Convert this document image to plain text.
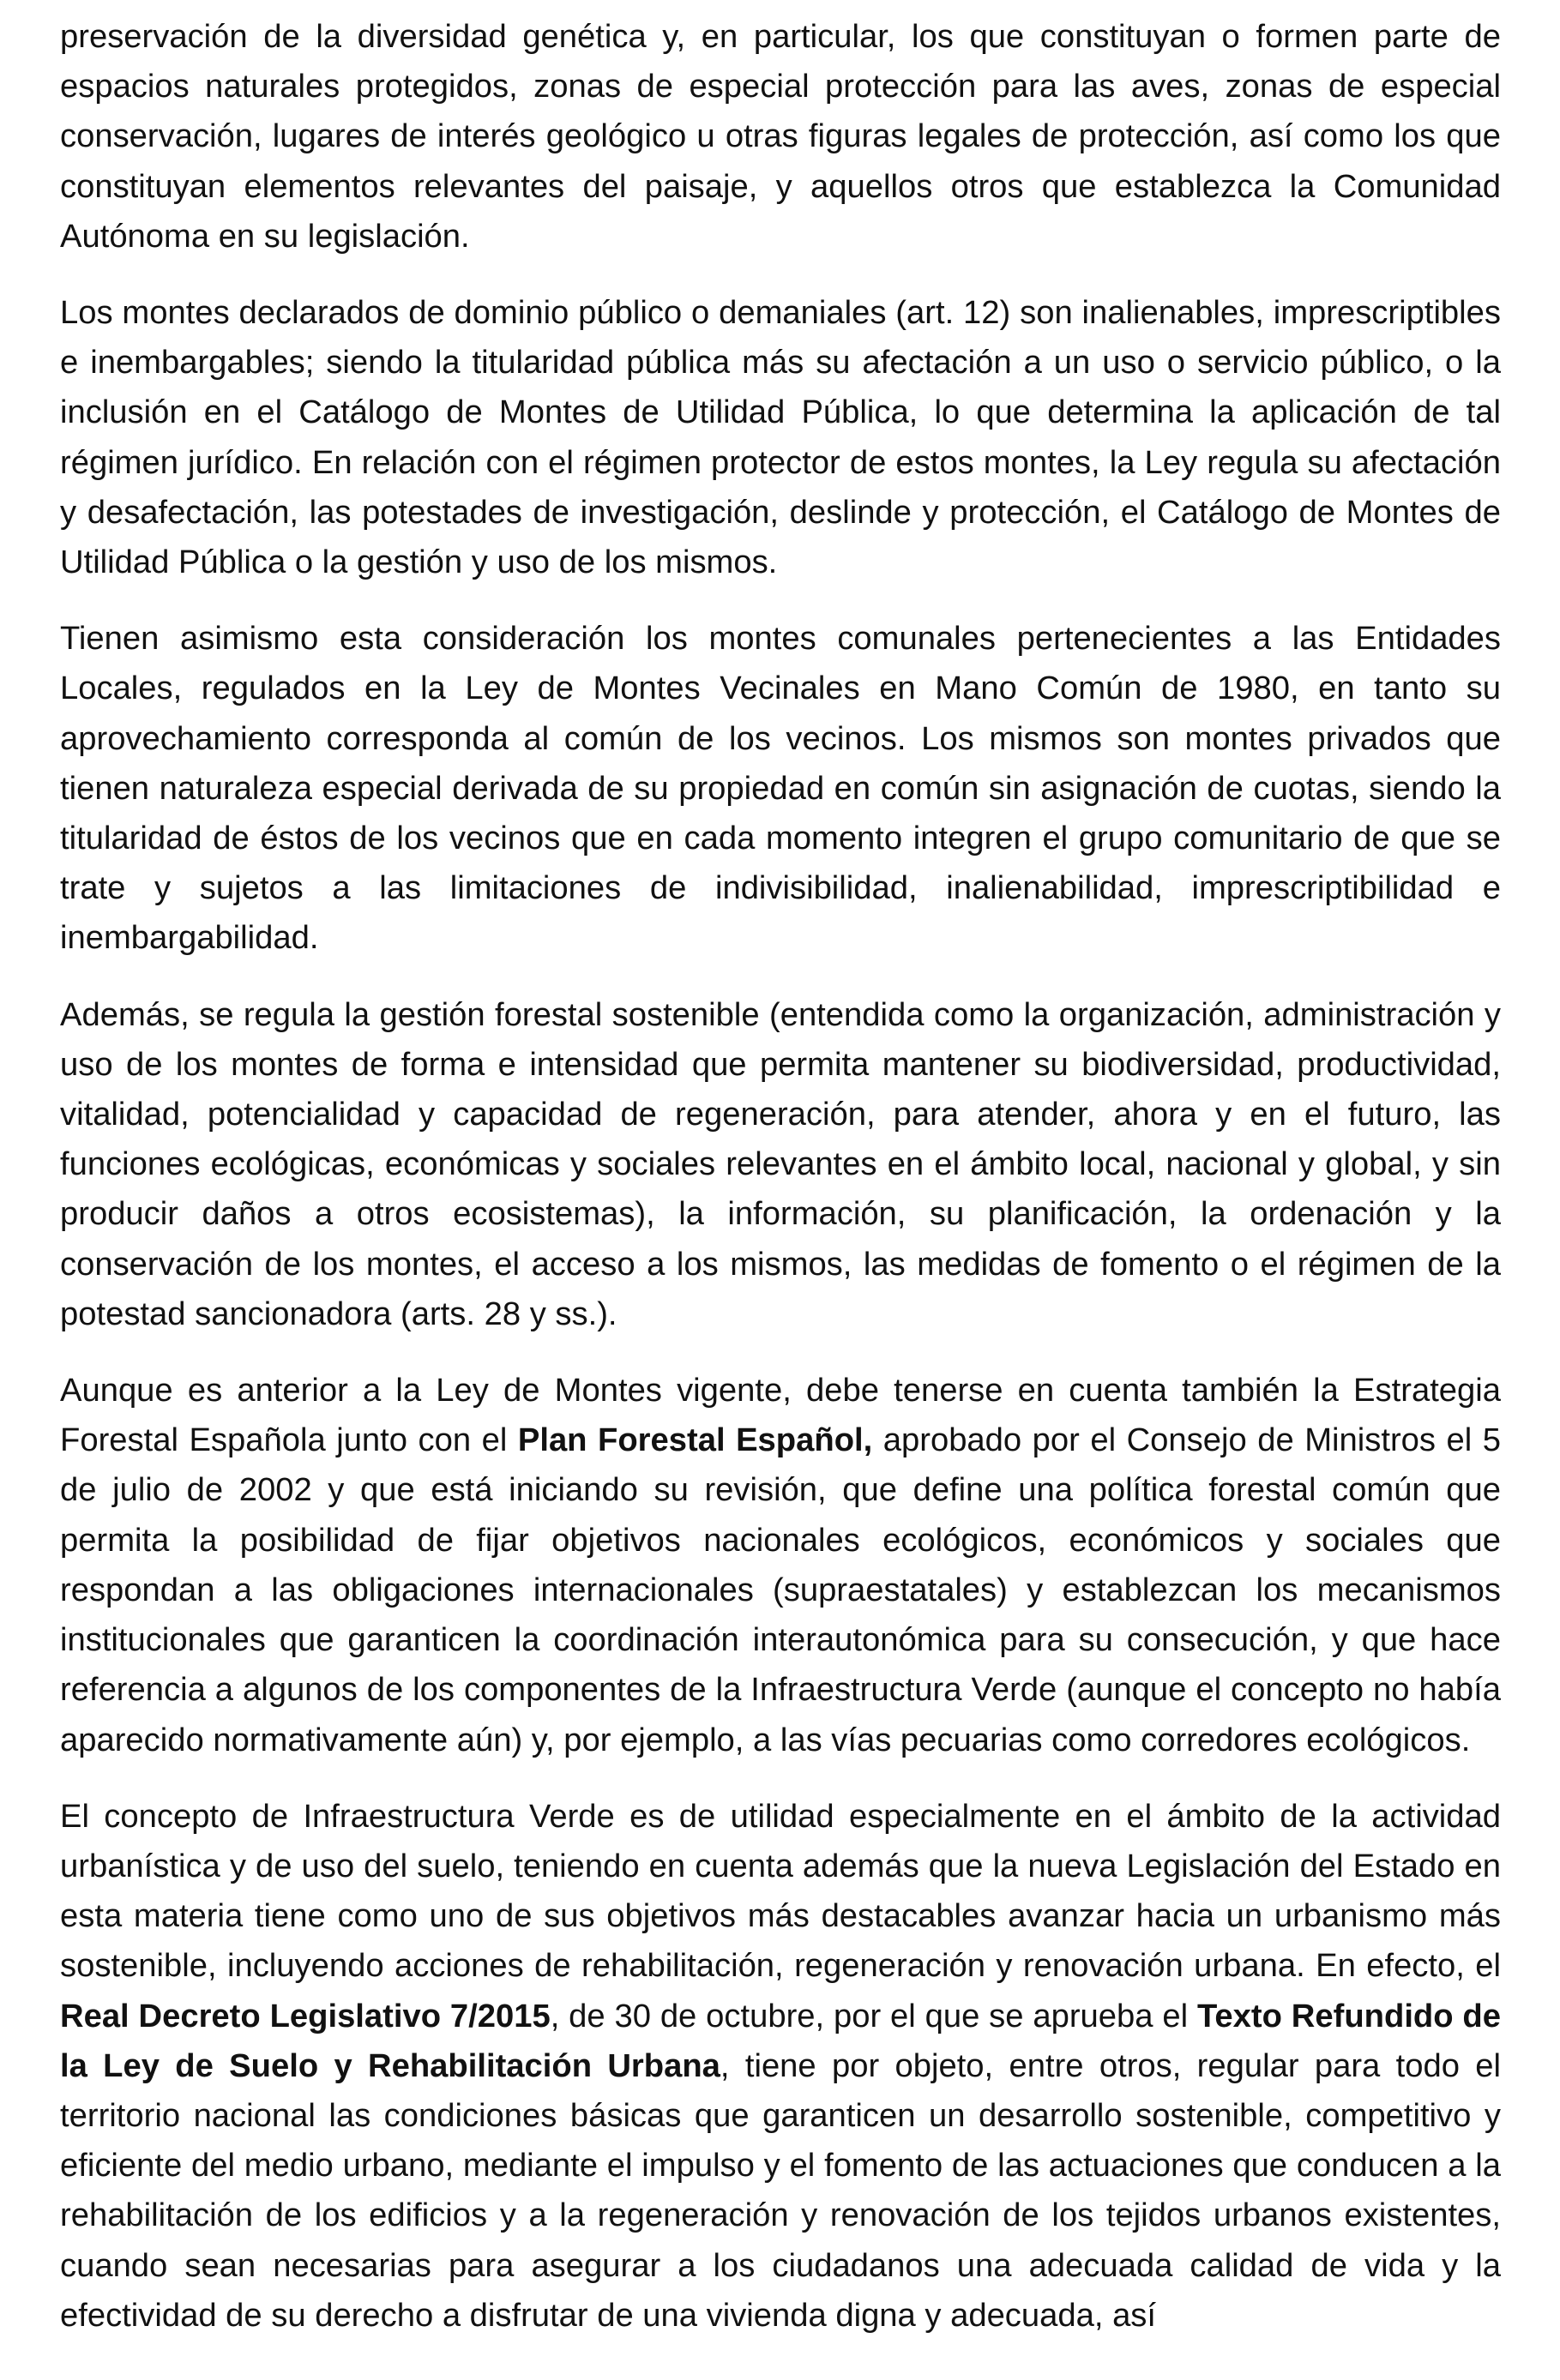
preservación de la diversidad genética y, en particular, los que constituyan o formen parte de espacios naturales protegidos, zonas de especial protección para las aves, zonas de especial conservación, lugares de interés geológico u otras figuras legales de protección, así como los que constituyan elementos relevantes del paisaje, y aquellos otros que establezca la Comunidad Autónoma en su legislación.

Los montes declarados de dominio público o demaniales (art. 12) son inalienables, imprescriptibles e inembargables; siendo la titularidad pública más su afectación a un uso o servicio público, o la inclusión en el Catálogo de Montes de Utilidad Pública, lo que determina la aplicación de tal régimen jurídico. En relación con el régimen protector de estos montes, la Ley regula su afectación y desafectación, las potestades de investigación, deslinde y protección, el Catálogo de Montes de Utilidad Pública o la gestión y uso de los mismos.

Tienen asimismo esta consideración los montes comunales pertenecientes a las Entidades Locales, regulados en la Ley de Montes Vecinales en Mano Común de 1980, en tanto su aprovechamiento corresponda al común de los vecinos. Los mismos son montes privados que tienen naturaleza especial derivada de su propiedad en común sin asignación de cuotas, siendo la titularidad de éstos de los vecinos que en cada momento integren el grupo comunitario de que se trate y sujetos a las limitaciones de indivisibilidad, inalienabilidad, imprescriptibilidad e inembargabilidad.

Además, se regula la gestión forestal sostenible (entendida como la organización, administración y uso de los montes de forma e intensidad que permita mantener su biodiversidad, productividad, vitalidad, potencialidad y capacidad de regeneración, para atender, ahora y en el futuro, las funciones ecológicas, económicas y sociales relevantes en el ámbito local, nacional y global, y sin producir daños a otros ecosistemas), la información, su planificación, la ordenación y la conservación de los montes, el acceso a los mismos, las medidas de fomento o el régimen de la potestad sancionadora (arts. 28 y ss.).

Aunque es anterior a la Ley de Montes vigente, debe tenerse en cuenta también la Estrategia Forestal Española junto con el Plan Forestal Español, aprobado por el Consejo de Ministros el 5 de julio de 2002 y que está iniciando su revisión, que define una política forestal común que permita la posibilidad de fijar objetivos nacionales ecológicos, económicos y sociales que respondan a las obligaciones internacionales (supraestatales) y establezcan los mecanismos institucionales que garanticen la coordinación interautonómica para su consecución, y que hace referencia a algunos de los componentes de la Infraestructura Verde (aunque el concepto no había aparecido normativamente aún) y, por ejemplo, a las vías pecuarias como corredores ecológicos.

El concepto de Infraestructura Verde es de utilidad especialmente en el ámbito de la actividad urbanística y de uso del suelo, teniendo en cuenta además que la nueva Legislación del Estado en esta materia tiene como uno de sus objetivos más destacables avanzar hacia un urbanismo más sostenible, incluyendo acciones de rehabilitación, regeneración y renovación urbana. En efecto, el Real Decreto Legislativo 7/2015, de 30 de octubre, por el que se aprueba el Texto Refundido de la Ley de Suelo y Rehabilitación Urbana, tiene por objeto, entre otros, regular para todo el territorio nacional las condiciones básicas que garanticen un desarrollo sostenible, competitivo y eficiente del medio urbano, mediante el impulso y el fomento de las actuaciones que conducen a la rehabilitación de los edificios y a la regeneración y renovación de los tejidos urbanos existentes, cuando sean necesarias para asegurar a los ciudadanos una adecuada calidad de vida y la efectividad de su derecho a disfrutar de una vivienda digna y adecuada, así
